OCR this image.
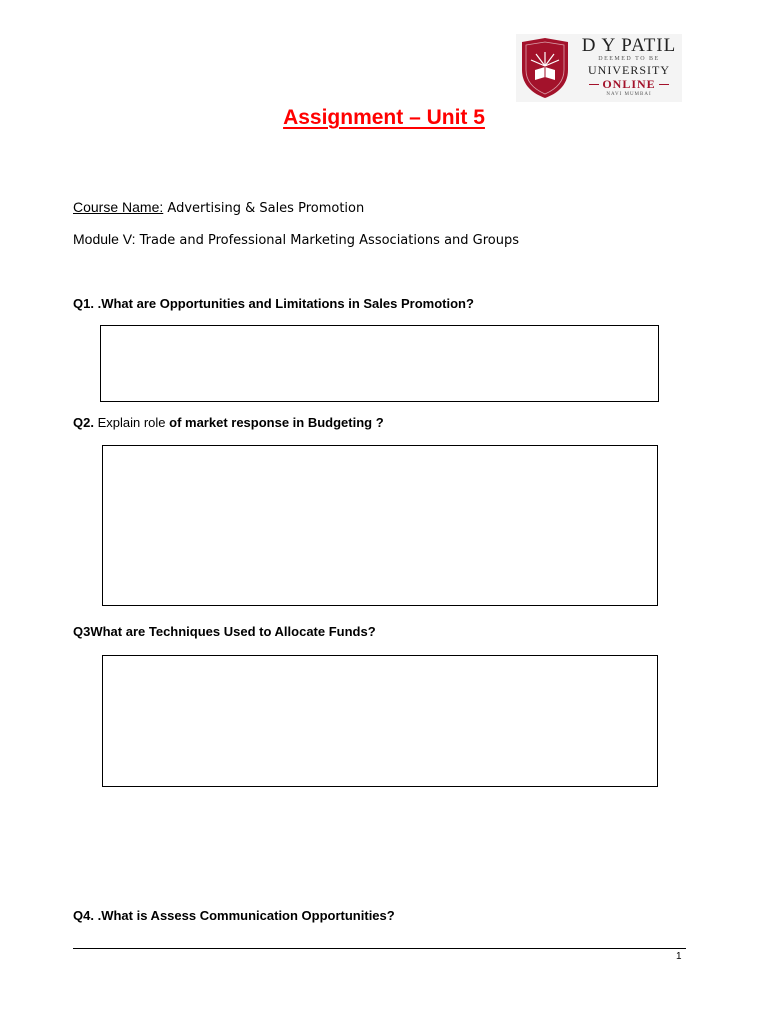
D Y PATIL
DEEMED TO BE
UNIVERSITY
ONLINE
NAVI MUMBAI
Assignment – Unit 5
Course Name: Advertising & Sales Promotion
Module V: Trade and Professional Marketing Associations and Groups
Q1. .What are Opportunities and Limitations in Sales Promotion?
Q2. Explain role of market response in Budgeting ?
Q3What are Techniques Used to Allocate Funds?
Q4. .What is Assess Communication Opportunities?
1
